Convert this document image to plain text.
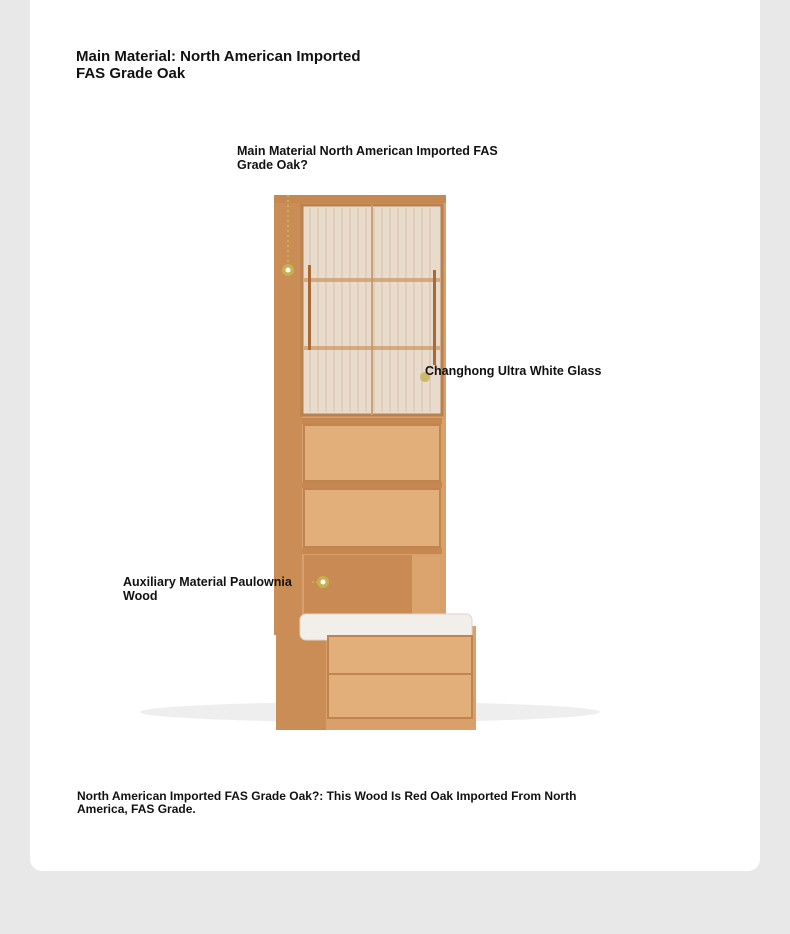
Main Material: North American Imported FAS Grade Oak
Main Material North American Imported FAS Grade Oak?
Changhong Ultra White Glass
Auxiliary Material Paulownia Wood
North American Imported FAS Grade Oak?: This Wood Is Red Oak Imported From North America, FAS Grade.
